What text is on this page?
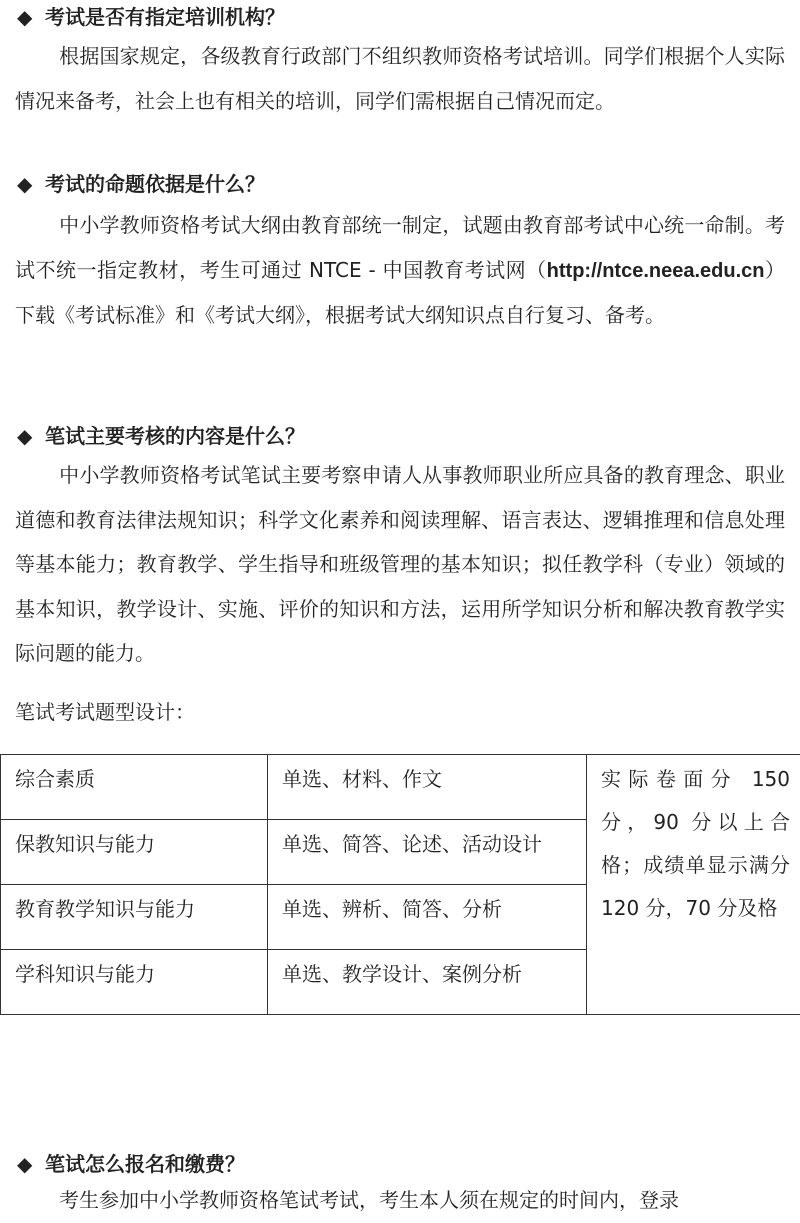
◆ 考试是否有指定培训机构？

根据国家规定，各级教育行政部门不组织教师资格考试培训。同学们根据个人实际情况来备考，社会上也有相关的培训，同学们需根据自己情况而定。

◆ 考试的命题依据是什么？

中小学教师资格考试大纲由教育部统一制定，试题由教育部考试中心统一命制。考试不统一指定教材，考生可通过 NTCE - 中国教育考试网（http://ntce.neea.edu.cn）下载《考试标准》和《考试大纲》，根据考试大纲知识点自行复习、备考。

◆ 笔试主要考核的内容是什么？

中小学教师资格考试笔试主要考察申请人从事教师职业所应具备的教育理念、职业道德和教育法律法规知识；科学文化素养和阅读理解、语言表达、逻辑推理和信息处理等基本能力；教育教学、学生指导和班级管理的基本知识；拟任教学科（专业）领域的基本知识，教学设计、实施、评价的知识和方法，运用所学知识分析和解决教育教学实际问题的能力。

笔试考试题型设计：

综合素质	单选、材料、作文	实际卷面分 150 分，90 分以上合格；成绩单显示满分 120 分，70 分及格
保教知识与能力	单选、简答、论述、活动设计	
教育教学知识与能力	单选、辨析、简答、分析	
学科知识与能力	单选、教学设计、案例分析	
◆ 笔试怎么报名和缴费？

考生参加中小学教师资格笔试考试，考生本人须在规定的时间内，登录
